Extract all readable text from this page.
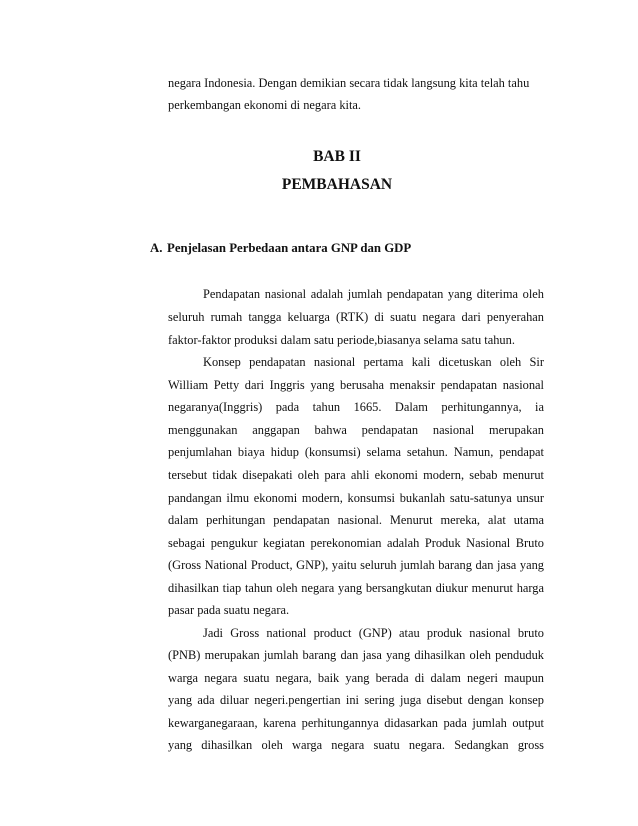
negara Indonesia. Dengan demikian secara tidak langsung kita telah tahu
perkembangan ekonomi di negara kita.
BAB II
PEMBAHASAN
A. Penjelasan Perbedaan antara GNP dan GDP
Pendapatan nasional adalah jumlah pendapatan yang diterima oleh
seluruh rumah tangga keluarga (RTK) di suatu negara dari penyerahan
faktor-faktor produksi dalam satu periode,biasanya selama satu tahun.
Konsep pendapatan nasional pertama kali dicetuskan oleh Sir
William Petty dari Inggris yang berusaha menaksir pendapatan nasional
negaranya(Inggris) pada tahun 1665. Dalam perhitungannya, ia
menggunakan anggapan bahwa pendapatan nasional merupakan
penjumlahan biaya hidup (konsumsi) selama setahun. Namun, pendapat
tersebut tidak disepakati oleh para ahli ekonomi modern, sebab menurut
pandangan ilmu ekonomi modern, konsumsi bukanlah satu-satunya unsur
dalam perhitungan pendapatan nasional. Menurut mereka, alat utama
sebagai pengukur kegiatan perekonomian adalah Produk Nasional Bruto
(Gross National Product, GNP), yaitu seluruh jumlah barang dan jasa yang
dihasilkan tiap tahun oleh negara yang bersangkutan diukur menurut harga
pasar pada suatu negara.
Jadi Gross national product (GNP) atau produk nasional bruto
(PNB) merupakan jumlah barang dan jasa yang dihasilkan oleh penduduk
warga negara suatu negara, baik yang berada di dalam negeri maupun
yang ada diluar negeri.pengertian ini sering juga disebut dengan konsep
kewarganegaraan, karena perhitungannya didasarkan pada jumlah output
yang dihasilkan oleh warga negara suatu negara. Sedangkan gross
